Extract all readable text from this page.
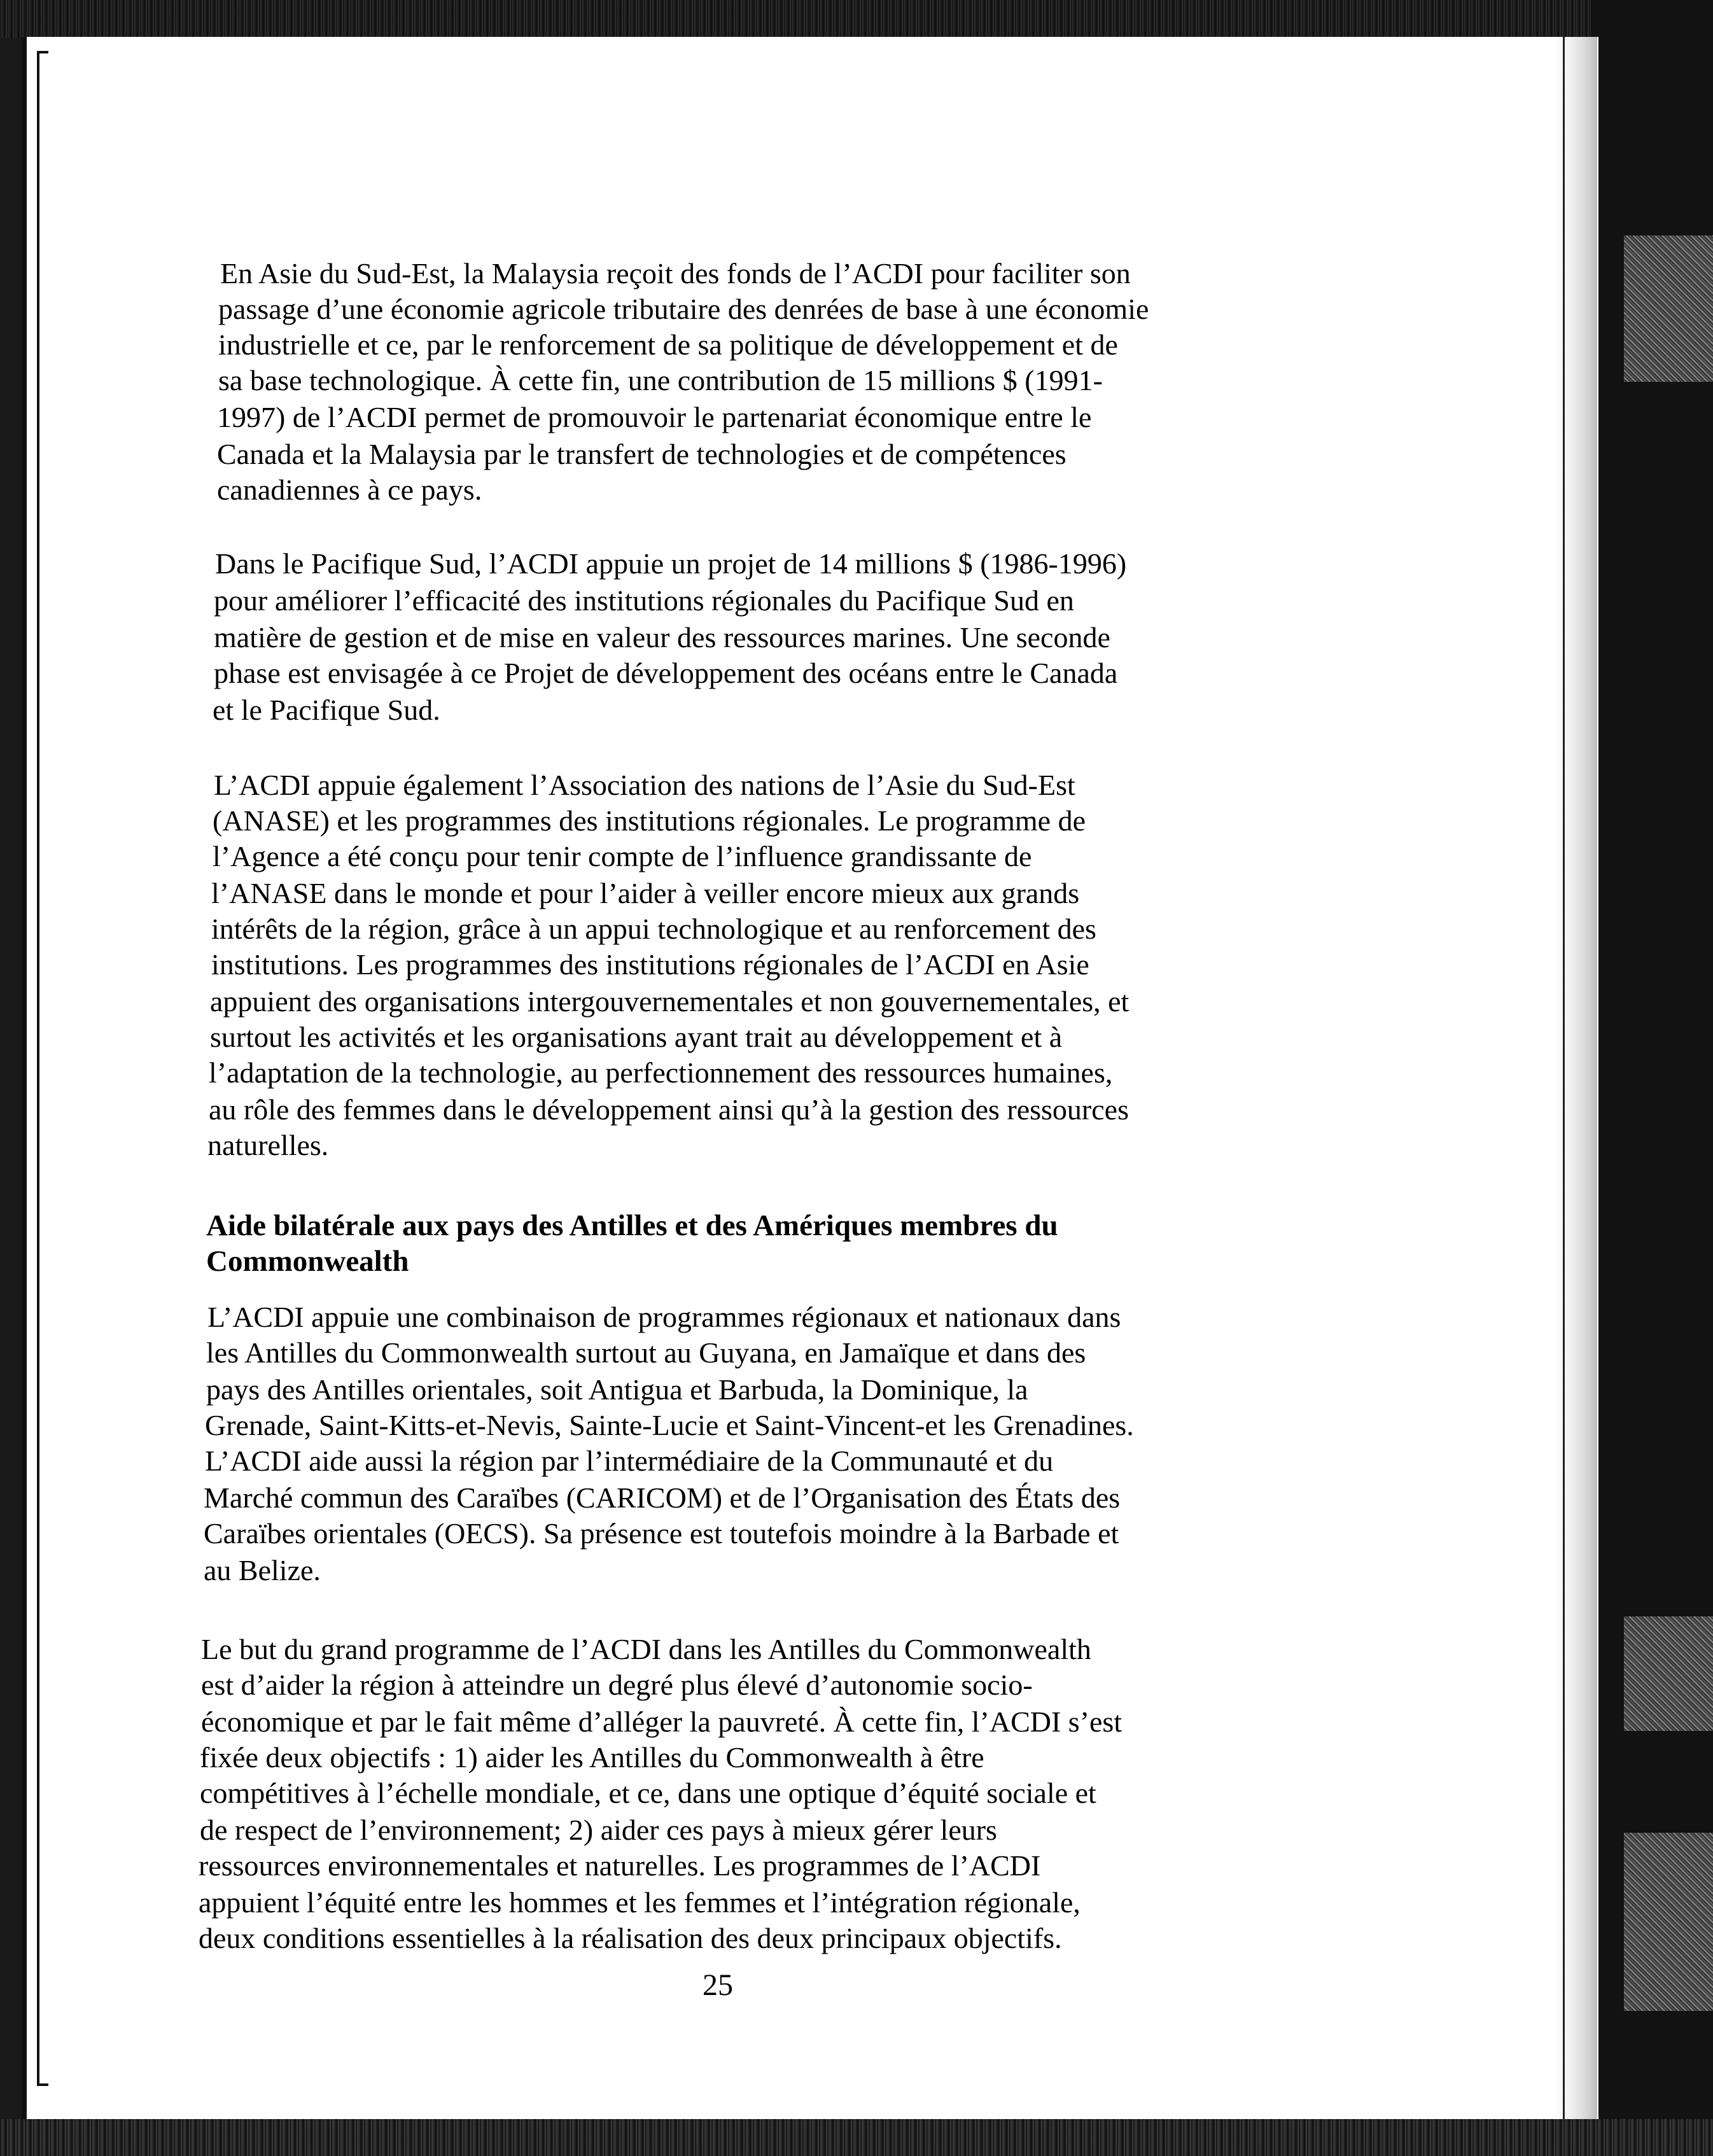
En Asie du Sud-Est, la Malaysia reçoit des fonds de l’ACDI pour faciliter son

passage d’une économie agricole tributaire des denrées de base à une économie

industrielle et ce, par le renforcement de sa politique de développement et de

sa base technologique. À cette fin, une contribution de 15 millions $ (1991-

1997) de l’ACDI permet de promouvoir le partenariat économique entre le

Canada et la Malaysia par le transfert de technologies et de compétences

canadiennes à ce pays.

Dans le Pacifique Sud, l’ACDI appuie un projet de 14 millions $ (1986-1996)

pour améliorer l’efficacité des institutions régionales du Pacifique Sud en

matière de gestion et de mise en valeur des ressources marines. Une seconde

phase est envisagée à ce Projet de développement des océans entre le Canada

et le Pacifique Sud.

L’ACDI appuie également l’Association des nations de l’Asie du Sud-Est

(ANASE) et les programmes des institutions régionales. Le programme de

l’Agence a été conçu pour tenir compte de l’influence grandissante de

l’ANASE dans le monde et pour l’aider à veiller encore mieux aux grands

intérêts de la région, grâce à un appui technologique et au renforcement des

institutions. Les programmes des institutions régionales de l’ACDI en Asie

appuient des organisations intergouvernementales et non gouvernementales, et

surtout les activités et les organisations ayant trait au développement et à

l’adaptation de la technologie, au perfectionnement des ressources humaines,

au rôle des femmes dans le développement ainsi qu’à la gestion des ressources

naturelles.

Aide bilatérale aux pays des Antilles et des Amériques membres du

Commonwealth

L’ACDI appuie une combinaison de programmes régionaux et nationaux dans

les Antilles du Commonwealth surtout au Guyana, en Jamaïque et dans des

pays des Antilles orientales, soit Antigua et Barbuda, la Dominique, la

Grenade, Saint-Kitts-et-Nevis, Sainte-Lucie et Saint-Vincent-et les Grenadines.

L’ACDI aide aussi la région par l’intermédiaire de la Communauté et du

Marché commun des Caraïbes (CARICOM) et de l’Organisation des États des

Caraïbes orientales (OECS). Sa présence est toutefois moindre à la Barbade et

au Belize.

Le but du grand programme de l’ACDI dans les Antilles du Commonwealth

est d’aider la région à atteindre un degré plus élevé d’autonomie socio-

économique et par le fait même d’alléger la pauvreté. À cette fin, l’ACDI s’est

fixée deux objectifs : 1) aider les Antilles du Commonwealth à être

compétitives à l’échelle mondiale, et ce, dans une optique d’équité sociale et

de respect de l’environnement; 2) aider ces pays à mieux gérer leurs

ressources environnementales et naturelles. Les programmes de l’ACDI

appuient l’équité entre les hommes et les femmes et l’intégration régionale,

deux conditions essentielles à la réalisation des deux principaux objectifs.

25
